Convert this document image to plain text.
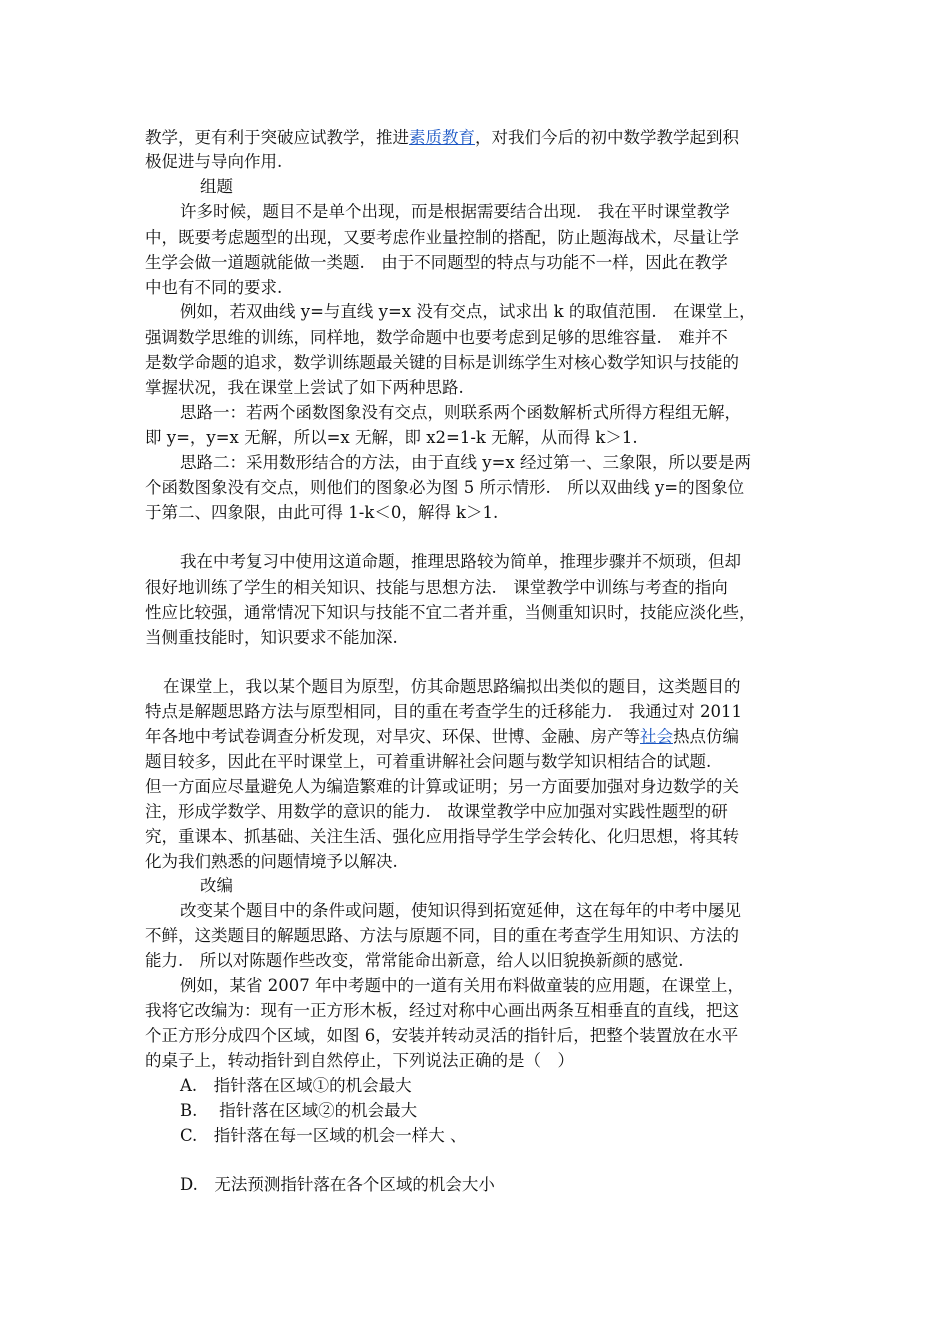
教学，更有利于突破应试教学，推进素质教育，对我们今后的初中数学教学起到积
极促进与导向作用.
组题
许多时候，题目不是单个出现，而是根据需要结合出现.　我在平时课堂教学
中，既要考虑题型的出现，又要考虑作业量控制的搭配，防止题海战术，尽量让学
生学会做一道题就能做一类题.　由于不同题型的特点与功能不一样，因此在教学
中也有不同的要求.
例如，若双曲线 y=与直线 y=x 没有交点，试求出 k 的取值范围.　在课堂上，
强调数学思维的训练，同样地，数学命题中也要考虑到足够的思维容量.　难并不
是数学命题的追求，数学训练题最关键的目标是训练学生对核心数学知识与技能的
掌握状况，我在课堂上尝试了如下两种思路.
思路一：若两个函数图象没有交点，则联系两个函数解析式所得方程组无解，
即 y=，y=x 无解，所以=x 无解，即 x2=1-k 无解，从而得 k＞1.
思路二：采用数形结合的方法，由于直线 y=x 经过第一、三象限，所以要是两
个函数图象没有交点，则他们的图象必为图 5 所示情形.　所以双曲线 y=的图象位
于第二、四象限，由此可得 1-k＜0，解得 k＞1.
我在中考复习中使用这道命题，推理思路较为简单，推理步骤并不烦琐，但却
很好地训练了学生的相关知识、技能与思想方法.　课堂教学中训练与考查的指向
性应比较强，通常情况下知识与技能不宜二者并重，当侧重知识时，技能应淡化些，
当侧重技能时，知识要求不能加深.
在课堂上，我以某个题目为原型，仿其命题思路编拟出类似的题目，这类题目的
特点是解题思路方法与原型相同，目的重在考查学生的迁移能力.　我通过对 2011
年各地中考试卷调查分析发现，对旱灾、环保、世博、金融、房产等社会热点仿编
题目较多，因此在平时课堂上，可着重讲解社会问题与数学知识相结合的试题.
但一方面应尽量避免人为编造繁难的计算或证明；另一方面要加强对身边数学的关
注，形成学数学、用数学的意识的能力.　故课堂教学中应加强对实践性题型的研
究，重课本、抓基础、关注生活、强化应用指导学生学会转化、化归思想，将其转
化为我们熟悉的问题情境予以解决.
改编
改变某个题目中的条件或问题，使知识得到拓宽延伸，这在每年的中考中屡见
不鲜，这类题目的解题思路、方法与原题不同，目的重在考查学生用知识、方法的
能力.　所以对陈题作些改变，常常能命出新意，给人以旧貌换新颜的感觉.
例如，某省 2007 年中考题中的一道有关用布料做童装的应用题，在课堂上，
我将它改编为：现有一正方形木板，经过对称中心画出两条互相垂直的直线，把这
个正方形分成四个区域，如图 6，安装并转动灵活的指针后，把整个装置放在水平
的桌子上，转动指针到自然停止，下列说法正确的是（　）
A.　指针落在区域①的机会最大
B.　 指针落在区域②的机会最大
C.　指针落在每一区域的机会一样大 、
D.　无法预测指针落在各个区域的机会大小
